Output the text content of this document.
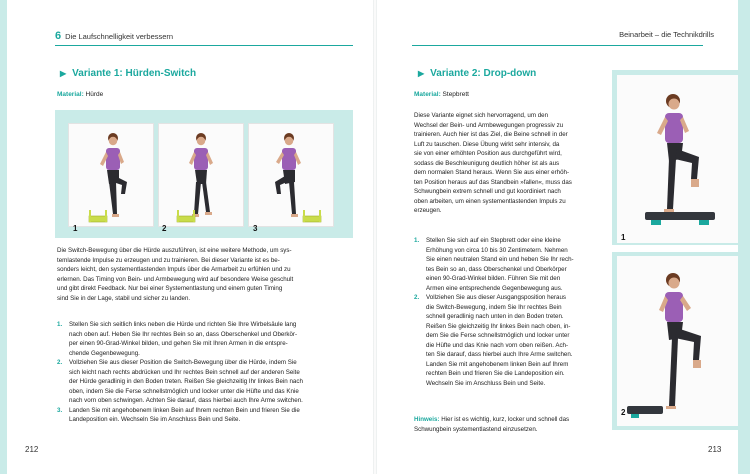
6 Die Laufschnelligkeit verbessern
▶ Variante 1: Hürden-Switch
Material: Hürde
1	2	3
Die Switch-Bewegung über die Hürde auszuführen, ist eine weitere Methode, um sys-
temlastende Impulse zu erzeugen und zu trainieren. Bei dieser Variante ist es be-
sonders leicht, den systementlastenden Impuls über die Armarbeit zu erfühlen und zu
erlernen. Das Timing von Bein- und Armbewegung wird auf besondere Weise geschult
und gibt direkt Feedback. Nur bei einer Systementlastung und einem guten Timing
sind Sie in der Lage, stabil und sicher zu landen.
1. Stellen Sie sich seitlich links neben die Hürde und richten Sie Ihre Wirbelsäule lang
nach oben auf. Heben Sie Ihr rechtes Bein so an, dass Oberschenkel und Oberkör-
per einen 90-Grad-Winkel bilden, und gehen Sie mit Ihren Armen in die entspre-
chende Gegenbewegung.
2. Vollziehen Sie aus dieser Position die Switch-Bewegung über die Hürde, indem Sie
sich leicht nach rechts abdrücken und Ihr rechtes Bein schnell auf der anderen Seite
der Hürde geradlinig in den Boden treten. Reißen Sie gleichzeitig Ihr linkes Bein nach
oben, indem Sie die Ferse schnellstmöglich und locker unter die Hüfte und das Knie
nach vorn oben schwingen. Achten Sie darauf, dass hierbei auch Ihre Arme switchen.
3. Landen Sie mit angehobenem linken Bein auf Ihrem rechten Bein und frieren Sie die
Landeposition ein. Wechseln Sie im Anschluss Bein und Seite.
212
Beinarbeit – die Technikdrills
▶ Variante 2: Drop-down
Material: Stepbrett
Diese Variante eignet sich hervorragend, um den
Wechsel der Bein- und Armbewegungen progressiv zu
trainieren. Auch hier ist das Ziel, die Beine schnell in der
Luft zu tauschen. Diese Übung wirkt sehr intensiv, da
sie von einer erhöhten Position aus durchgeführt wird,
sodass die Beschleunigung deutlich höher ist als aus
dem normalen Stand heraus. Wenn Sie aus einer erhöh-
ten Position heraus auf das Standbein »fallen«, muss das
Schwungbein extrem schnell und gut koordiniert nach
oben arbeiten, um einen systementlastenden Impuls zu
erzeugen.
1. Stellen Sie sich auf ein Stepbrett oder eine kleine
Erhöhung von circa 10 bis 30 Zentimetern. Nehmen
Sie einen neutralen Stand ein und heben Sie Ihr rech-
tes Bein so an, dass Oberschenkel und Oberkörper
einen 90-Grad-Winkel bilden. Führen Sie mit den
Armen eine entsprechende Gegenbewegung aus.
2. Vollziehen Sie aus dieser Ausgangsposition heraus
die Switch-Bewegung, indem Sie Ihr rechtes Bein
schnell geradlinig nach unten in den Boden treten.
Reißen Sie gleichzeitig Ihr linkes Bein nach oben, in-
dem Sie die Ferse schnellstmöglich und locker unter
die Hüfte und das Knie nach vorn oben reißen. Ach-
ten Sie darauf, dass hierbei auch Ihre Arme switchen.
Landen Sie mit angehobenem linken Bein auf Ihrem
rechten Bein und frieren Sie die Landeposition ein.
Wechseln Sie im Anschluss Bein und Seite.
Hinweis: Hier ist es wichtig, kurz, locker und schnell das
Schwungbein systementlastend einzusetzen.
213
1
2
